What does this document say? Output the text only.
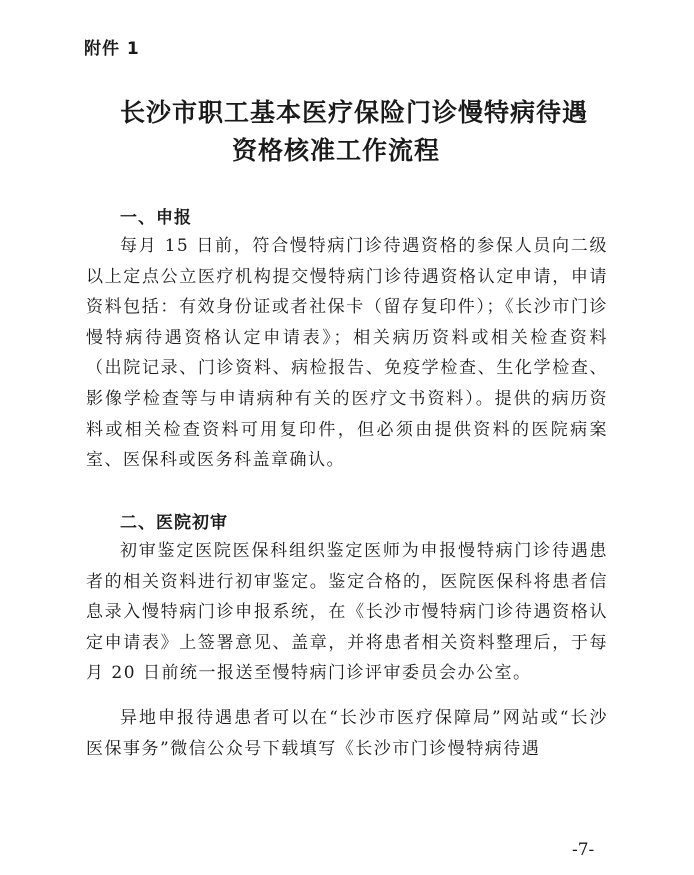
附件 1
长沙市职工基本医疗保险门诊慢特病待遇
资格核准工作流程
一、申报
每月 15 日前，符合慢特病门诊待遇资格的参保人员向二级以上定点公立医疗机构提交慢特病门诊待遇资格认定申请，申请资料包括：有效身份证或者社保卡（留存复印件）；《长沙市门诊慢特病待遇资格认定申请表》；相关病历资料或相关检查资料（出院记录、门诊资料、病检报告、免疫学检查、生化学检查、影像学检查等与申请病种有关的医疗文书资料）。提供的病历资料或相关检查资料可用复印件，但必须由提供资料的医院病案室、医保科或医务科盖章确认。
二、医院初审
初审鉴定医院医保科组织鉴定医师为申报慢特病门诊待遇患者的相关资料进行初审鉴定。鉴定合格的，医院医保科将患者信息录入慢特病门诊申报系统，在《长沙市慢特病门诊待遇资格认定申请表》上签署意见、盖章，并将患者相关资料整理后，于每月 20 日前统一报送至慢特病门诊评审委员会办公室。
异地申报待遇患者可以在“长沙市医疗保障局”网站或“长沙医保事务”微信公众号下载填写《长沙市门诊慢特病待遇
-7-
